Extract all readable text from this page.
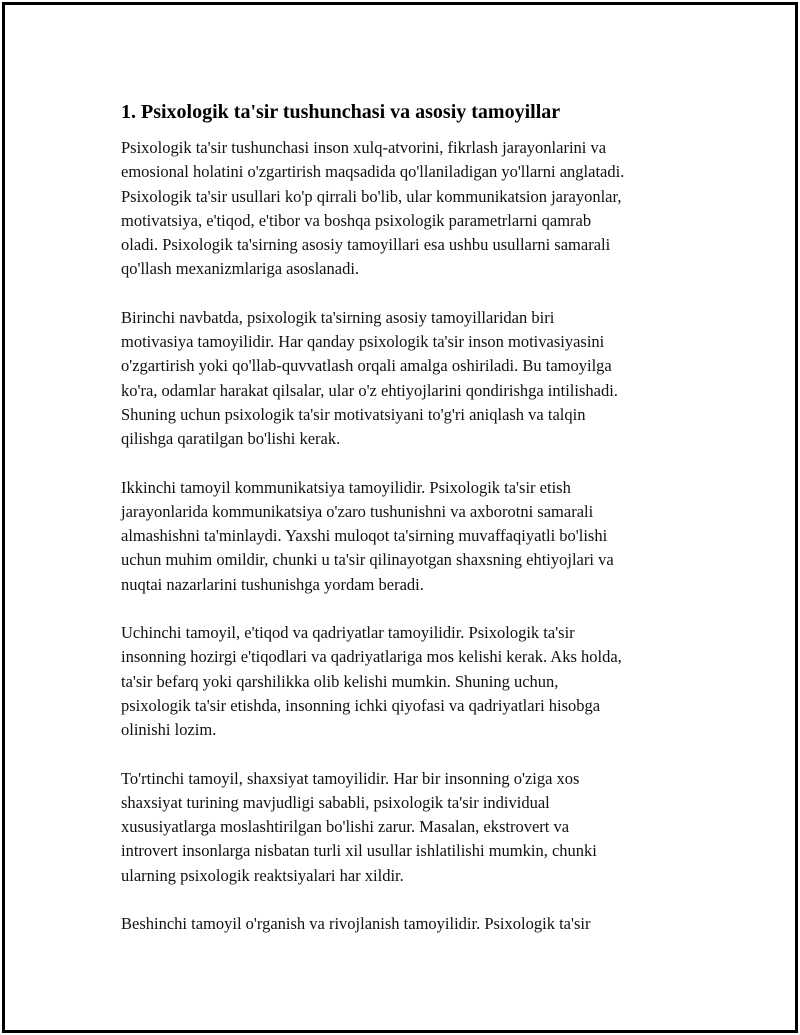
1. Psixologik ta'sir tushunchasi va asosiy tamoyillar
Psixologik ta'sir tushunchasi inson xulq-atvorini, fikrlash jarayonlarini va
emosional holatini o'zgartirish maqsadida qo'llaniladigan yo'llarni anglatadi.
Psixologik ta'sir usullari ko'p qirrali bo'lib, ular kommunikatsion jarayonlar,
motivatsiya, e'tiqod, e'tibor va boshqa psixologik parametrlarni qamrab
oladi. Psixologik ta'sirning asosiy tamoyillari esa ushbu usullarni samarali
qo'llash mexanizmlariga asoslanadi.
Birinchi navbatda, psixologik ta'sirning asosiy tamoyillaridan biri
motivasiya tamoyilidir. Har qanday psixologik ta'sir inson motivasiyasini
o'zgartirish yoki qo'llab-quvvatlash orqali amalga oshiriladi. Bu tamoyilga
ko'ra, odamlar harakat qilsalar, ular o'z ehtiyojlarini qondirishga intilishadi.
Shuning uchun psixologik ta'sir motivatsiyani to'g'ri aniqlash va talqin
qilishga qaratilgan bo'lishi kerak.
Ikkinchi tamoyil kommunikatsiya tamoyilidir. Psixologik ta'sir etish
jarayonlarida kommunikatsiya o'zaro tushunishni va axborotni samarali
almashishni ta'minlaydi. Yaxshi muloqot ta'sirning muvaffaqiyatli bo'lishi
uchun muhim omildir, chunki u ta'sir qilinayotgan shaxsning ehtiyojlari va
nuqtai nazarlarini tushunishga yordam beradi.
Uchinchi tamoyil, e'tiqod va qadriyatlar tamoyilidir. Psixologik ta'sir
insonning hozirgi e'tiqodlari va qadriyatlariga mos kelishi kerak. Aks holda,
ta'sir befarq yoki qarshilikka olib kelishi mumkin. Shuning uchun,
psixologik ta'sir etishda, insonning ichki qiyofasi va qadriyatlari hisobga
olinishi lozim.
To'rtinchi tamoyil, shaxsiyat tamoyilidir. Har bir insonning o'ziga xos
shaxsiyat turining mavjudligi sababli, psixologik ta'sir individual
xususiyatlarga moslashtirilgan bo'lishi zarur. Masalan, ekstrovert va
introvert insonlarga nisbatan turli xil usullar ishlatilishi mumkin, chunki
ularning psixologik reaktsiyalari har xildir.
Beshinchi tamoyil o'rganish va rivojlanish tamoyilidir. Psixologik ta'sir
